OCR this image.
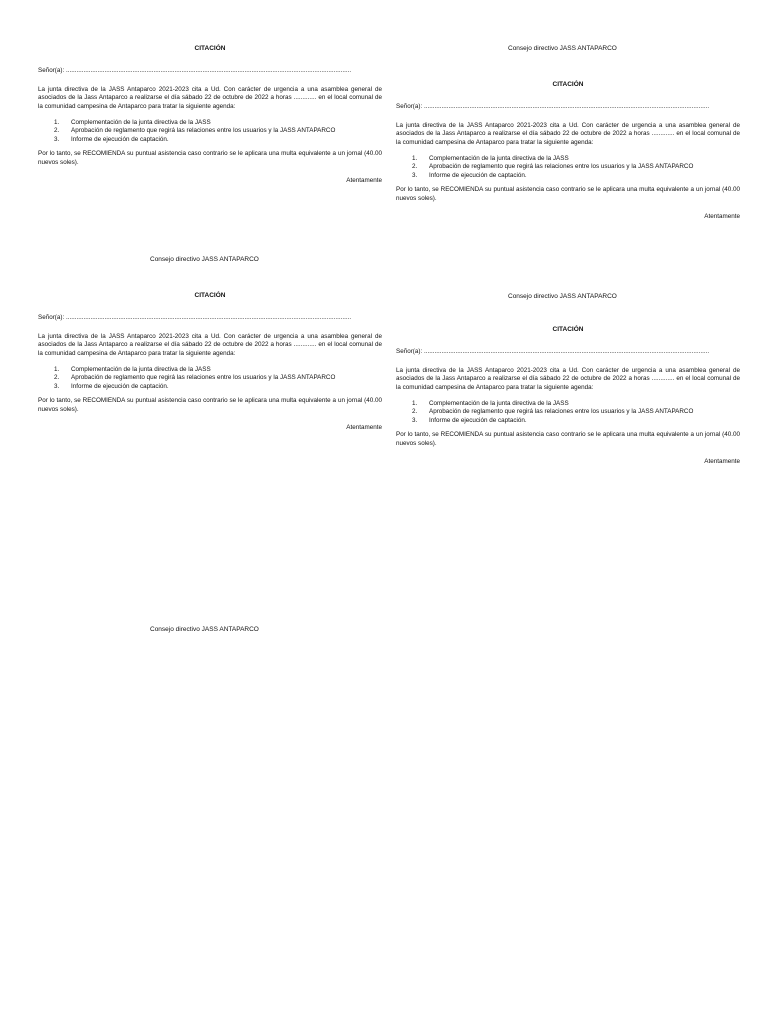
Consejo directivo JASS ANTAPARCO
Consejo directivo JASS ANTAPARCO
Consejo directivo JASS ANTAPARCO
Consejo directivo JASS ANTAPARCO
CITACIÓN
Señor(a): ...................................................................................................................................................................

La junta directiva de la JASS Antaparco 2021-2023 cita a Ud. Con carácter de urgencia a una asamblea general de asociados de la Jass Antaparco a realizarse el día sábado 22 de octubre de 2022 a horas ............. en el local comunal de la comunidad campesina de Antaparco para tratar la siguiente agenda:

1.	Complementación de la junta directiva de la JASS
2.	Aprobación de reglamento que regirá las relaciones entre los usuarios y la JASS ANTAPARCO
3.	Informe de ejecución de captación.

Por lo tanto, se RECOMIENDA su puntual asistencia caso contrario se le aplicara una multa equivalente a un jornal (40.00 nuevos soles).

Atentamente
CITACIÓN
Señor(a): ...................................................................................................................................................................

La junta directiva de la JASS Antaparco 2021-2023 cita a Ud. Con carácter de urgencia a una asamblea general de asociados de la Jass Antaparco a realizarse el día sábado 22 de octubre de 2022 a horas ............. en el local comunal de la comunidad campesina de Antaparco para tratar la siguiente agenda:

1.	Complementación de la junta directiva de la JASS
2.	Aprobación de reglamento que regirá las relaciones entre los usuarios y la JASS ANTAPARCO
3.	Informe de ejecución de captación.

Por lo tanto, se RECOMIENDA su puntual asistencia caso contrario se le aplicara una multa equivalente a un jornal (40.00 nuevos soles).

Atentamente
CITACIÓN
Señor(a): ...................................................................................................................................................................

La junta directiva de la JASS Antaparco 2021-2023 cita a Ud. Con carácter de urgencia a una asamblea general de asociados de la Jass Antaparco a realizarse el día sábado 22 de octubre de 2022 a horas ............. en el local comunal de la comunidad campesina de Antaparco para tratar la siguiente agenda:

1.	Complementación de la junta directiva de la JASS
2.	Aprobación de reglamento que regirá las relaciones entre los usuarios y la JASS ANTAPARCO
3.	Informe de ejecución de captación.

Por lo tanto, se RECOMIENDA su puntual asistencia caso contrario se le aplicara una multa equivalente a un jornal (40.00 nuevos soles).

Atentamente
CITACIÓN
Señor(a): ...................................................................................................................................................................

La junta directiva de la JASS Antaparco 2021-2023 cita a Ud. Con carácter de urgencia a una asamblea general de asociados de la Jass Antaparco a realizarse el día sábado 22 de octubre de 2022 a horas ............. en el local comunal de la comunidad campesina de Antaparco para tratar la siguiente agenda:

1.	Complementación de la junta directiva de la JASS
2.	Aprobación de reglamento que regirá las relaciones entre los usuarios y la JASS ANTAPARCO
3.	Informe de ejecución de captación.

Por lo tanto, se RECOMIENDA su puntual asistencia caso contrario se le aplicara una multa equivalente a un jornal (40.00 nuevos soles).

Atentamente
